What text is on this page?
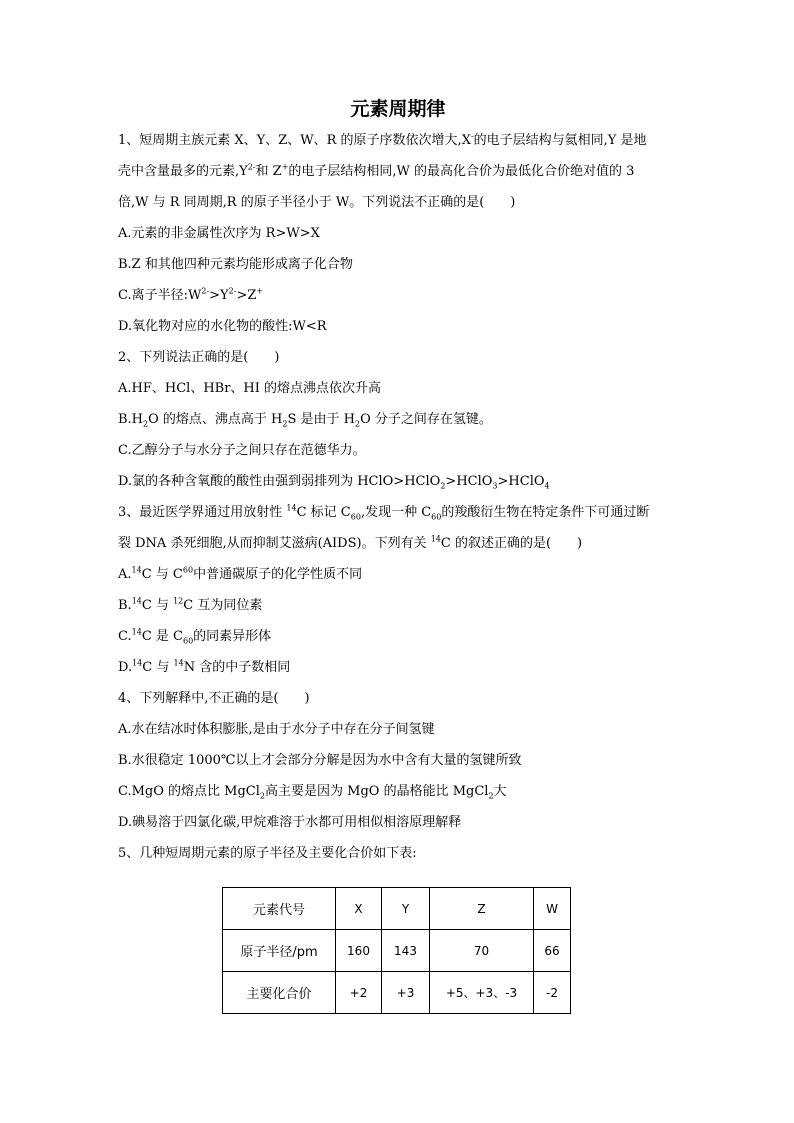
元素周期律
1、短周期主族元素 X、Y、Z、W、R 的原子序数依次增大,X-的电子层结构与氦相同,Y 是地
壳中含量最多的元素$,Y^{2-}$和 Z+的电子层结构相同,W 的最高化合价为最低化合价绝对值的 3
倍,W 与 R 同周期,R 的原子半径小于 W。下列说法不正确的是(　　)
A.元素的非金属性次序为 R>W>X
B.Z 和其他四种元素均能形成离子化合物
C.离子半径$:W^{2-}>Y^{2-}>Z^+$
D.氧化物对应的水化物的酸性:W<R
2、下列说法正确的是(　　)
A.HF、HCl、HBr、HI 的熔点沸点依次升高
$B.H_2O$ 的熔点、沸点高于 $H_2S$ 是由于 $H_2O$ 分子之间存在氢键。
C.乙醇分子与水分子之间只存在范德华力。
D.氯的各种含氧酸的酸性由强到弱排列为 HClO>HClO$_2$>HClO$_3$>HClO$_4$
3、最近医学界通过用放射性 $^{14}$C 标记 $C_{60}$,发现一种 $C_{60}$的羧酸衍生物在特定条件下可通过断
裂 DNA 杀死细胞,从而抑制艾滋病(AIDS)。下列有关 $^{14}$C 的叙述正确的是(　　)
A.$^{14}$C 与 $C^{60}$中普通碳原子的化学性质不同
B.$^{14}$C 与 $^{12}$C 互为同位素
C.$^{14}$C 是 $C_{60}$的同素异形体
D.$^{14}$C 与 $^{14}$N 含的中子数相同
4、下列解释中,不正确的是(　　)
A.水在结冰时体积膨胀,是由于水分子中存在分子间氢键
B.水很稳定 1000℃以上才会部分分解是因为水中含有大量的氢键所致
C.MgO 的熔点比 MgCl$_2$高主要是因为 MgO 的晶格能比 MgCl$_2$大
D.碘易溶于四氯化碳,甲烷难溶于水都可用相似相溶原理解释
5、几种短周期元素的原子半径及主要化合价如下表:
元素代号	X	Y	Z	W
原子半径/pm	160	143	70	66
主要化合价	+2	+3	+5、+3、-3	-2
